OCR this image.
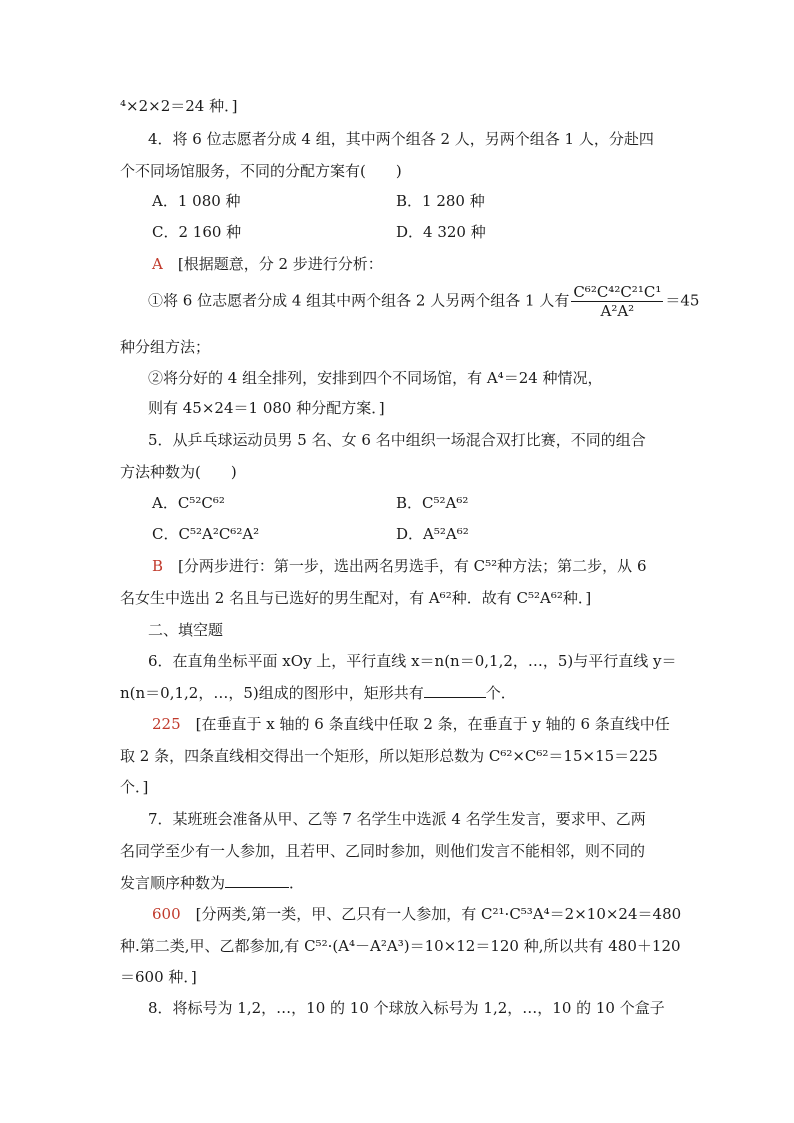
⁴×2×2＝24 种．]
4．将 6 位志愿者分成 4 组，其中两个组各 2 人，另两个组各 1 人，分赴四
个不同场馆服务，不同的分配方案有(　　)
A．1 080 种	B．1 280 种
C．2 160 种	D．4 320 种
A　 [根据题意，分 2 步进行分析：
①将 6 位志愿者分成 4 组其中两个组各 2 人另两个组各 1 人有 $\frac{\text{C⁶²C⁴²C²¹C¹}}{\text{A²A²}} =45$
种分组方法；
②将分好的 4 组全排列，安排到四个不同场馆，有 A⁴＝24 种情况，
则有 45×24＝1 080 种分配方案．]
5．从乒乓球运动员男 5 名、女 6 名中组织一场混合双打比赛，不同的组合
方法种数为(　　)
A．C⁵²C⁶²	B．C⁵²A⁶²
C．C⁵²A²C⁶²A²	D．A⁵²A⁶²
B　 [分两步进行：第一步，选出两名男选手，有 C⁵²种方法；第二步，从 6
名女生中选出 2 名且与已选好的男生配对，有 A⁶²种．故有 C⁵²A⁶²种．]
二、填空题
6．在直角坐标平面 xOy 上，平行直线 x＝n(n＝0,1,2，…，5)与平行直线 y＝
n(n＝0,1,2，…，5)组成的图形中，矩形共有	个．
225　 [在垂直于 x 轴的 6 条直线中任取 2 条，在垂直于 y 轴的 6 条直线中任
取 2 条，四条直线相交得出一个矩形，所以矩形总数为 C⁶²×C⁶²＝15×15＝225
个．]
7．某班班会准备从甲、乙等 7 名学生中选派 4 名学生发言，要求甲、乙两
名同学至少有一人参加，且若甲、乙同时参加，则他们发言不能相邻，则不同的
发言顺序种数为	．
600　 [分两类,第一类，甲、乙只有一人参加，有 C²¹·C⁵³A⁴＝2×10×24＝480
种.第二类,甲、乙都参加,有 C⁵²·(A⁴－A²A³)＝10×12＝120 种,所以共有 480＋120
＝600 种．]
8．将标号为 1,2，…，10 的 10 个球放入标号为 1,2，…，10 的 10 个盒子
